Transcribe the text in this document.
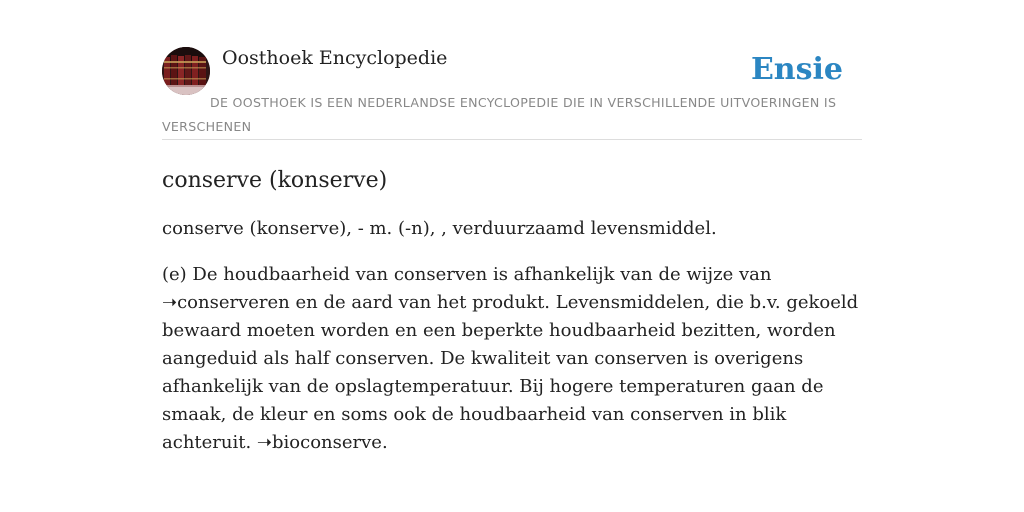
Oosthoek Encyclopedie	Ensie
DE OOSTHOEK IS EEN NEDERLANDSE ENCYCLOPEDIE DIE IN VERSCHILLENDE UITVOERINGEN IS VERSCHENEN
conserve (konserve)

conserve (konserve), - m. (-n), , verduurzaamd levensmiddel.

(e) De houdbaarheid van conserven is afhankelijk van de wijze van ➝conserveren en de aard van het produkt. Levensmiddelen, die b.v. gekoeld bewaard moeten worden en een beperkte houdbaarheid bezitten, worden aangeduid als half conserven. De kwaliteit van conserven is overigens afhankelijk van de opslagtemperatuur. Bij hogere temperaturen gaan de smaak, de kleur en soms ook de houdbaarheid van conserven in blik achteruit. ➝bioconserve.
